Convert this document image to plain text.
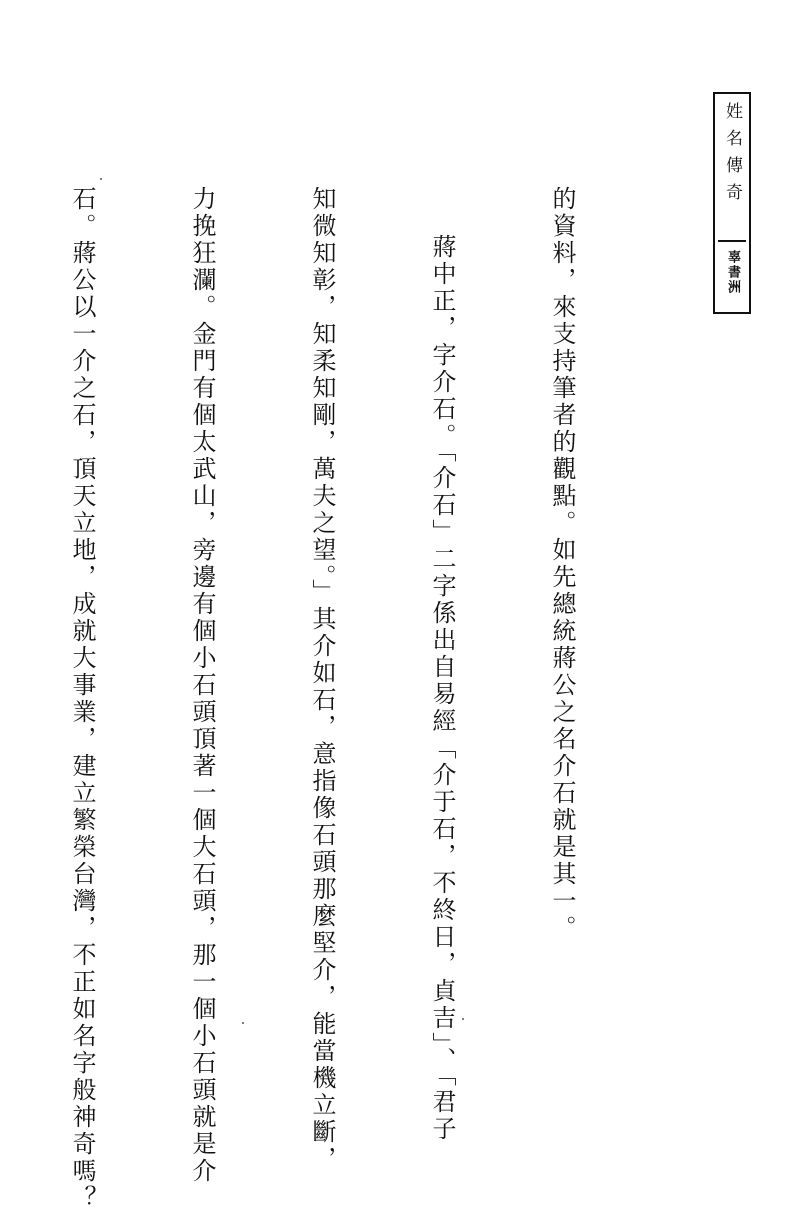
姓名傳奇
辜書洲

的資料，來支持筆者的觀點。如先總統蔣公之名介石就是其一。

蔣中正，字介石。「介石」二字係出自易經「介于石，不終日，貞吉」、「君子

知微知彰，知柔知剛，萬夫之望。」其介如石，意指像石頭那麼堅介，能當機立斷，

力挽狂瀾。金門有個太武山，旁邊有個小石頭頂著一個大石頭，那一個小石頭就是介

石。蔣公以一介之石，頂天立地，成就大事業，建立繁榮台灣，不正如名字般神奇嗎？
